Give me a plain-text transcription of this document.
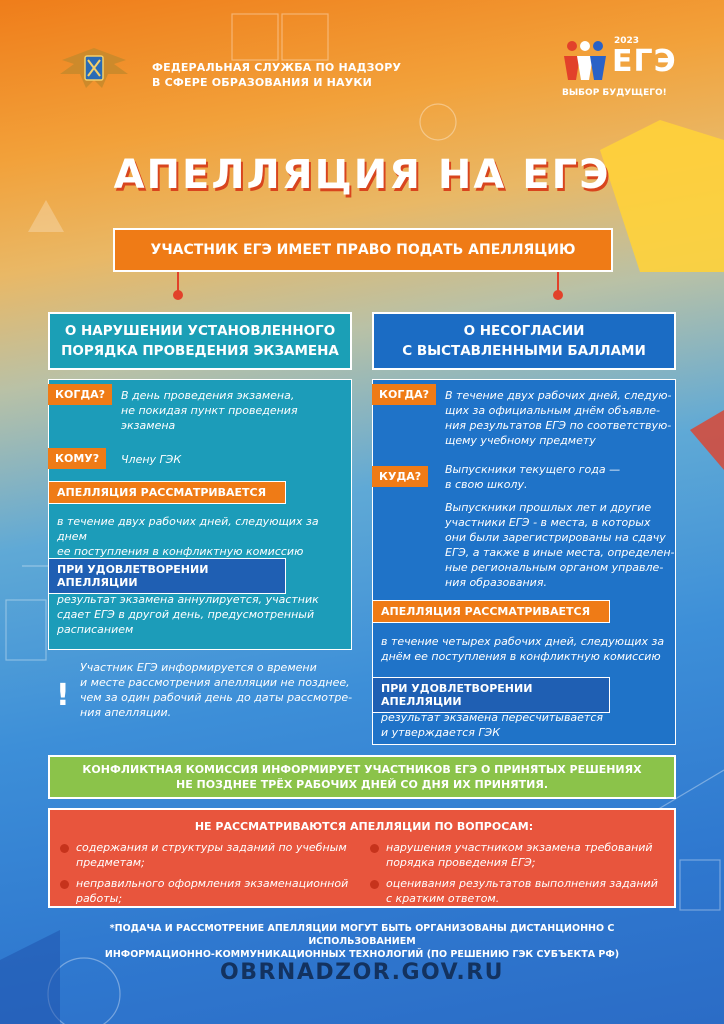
ФЕДЕРАЛЬНАЯ СЛУЖБА ПО НАДЗОРУ
В СФЕРЕ ОБРАЗОВАНИЯ И НАУКИ
2023
ЕГЭ
ВЫБОР БУДУЩЕГО!
АПЕЛЛЯЦИЯ НА ЕГЭ
УЧАСТНИК ЕГЭ ИМЕЕТ ПРАВО ПОДАТЬ АПЕЛЛЯЦИЮ
О НАРУШЕНИИ УСТАНОВЛЕННОГО
ПОРЯДКА ПРОВЕДЕНИЯ ЭКЗАМЕНА
О НЕСОГЛАСИИ
С ВЫСТАВЛЕННЫМИ БАЛЛАМИ
КОГДА?	В день проведения экзамена,
не покидая пункт проведения
экзамена
КОМУ?	Члену ГЭК
АПЕЛЛЯЦИЯ РАССМАТРИВАЕТСЯ
в течение двух рабочих дней, следующих за днем
ее поступления в конфликтную комиссию
ПРИ УДОВЛЕТВОРЕНИИ АПЕЛЛЯЦИИ
результат экзамена аннулируется, участник
сдает ЕГЭ в другой день, предусмотренный
расписанием
!
Участник ЕГЭ информируется о времени
и месте рассмотрения апелляции не позднее,
чем за один рабочий день до даты рассмотре-
ния апелляции.
КОГДА?	В течение двух рабочих дней, следую-
щих за официальным днём объявле-
ния результатов ЕГЭ по соответствую-
щему учебному предмету
КУДА?
Выпускники текущего года —
в свою школу.
Выпускники прошлых лет и другие
участники ЕГЭ - в места, в которых
они были зарегистрированы на сдачу
ЕГЭ, а также в иные места, определен-
ные региональным органом управле-
ния образования.
АПЕЛЛЯЦИЯ РАССМАТРИВАЕТСЯ
в течение четырех рабочих дней, следующих за
днём ее поступления в конфликтную комиссию
ПРИ УДОВЛЕТВОРЕНИИ АПЕЛЛЯЦИИ
результат экзамена пересчитывается
и утверждается ГЭК
КОНФЛИКТНАЯ КОМИССИЯ ИНФОРМИРУЕТ УЧАСТНИКОВ ЕГЭ О ПРИНЯТЫХ РЕШЕНИЯХ
НЕ ПОЗДНЕЕ ТРЁХ РАБОЧИХ ДНЕЙ СО ДНЯ ИХ ПРИНЯТИЯ.
НЕ РАССМАТРИВАЮТСЯ АПЕЛЛЯЦИИ ПО ВОПРОСАМ:
содержания и структуры заданий по учебным
предметам;
неправильного оформления экзаменационной
работы;
нарушения участником экзамена требований
порядка проведения ЕГЭ;
оценивания результатов выполнения заданий
с кратким ответом.
*ПОДАЧА И РАССМОТРЕНИЕ АПЕЛЛЯЦИИ МОГУТ БЫТЬ ОРГАНИЗОВАНЫ ДИСТАНЦИОННО С ИСПОЛЬЗОВАНИЕМ
ИНФОРМАЦИОННО-КОММУНИКАЦИОННЫХ ТЕХНОЛОГИЙ (ПО РЕШЕНИЮ ГЭК СУБЪЕКТА РФ)
OBRNADZOR.GOV.RU
